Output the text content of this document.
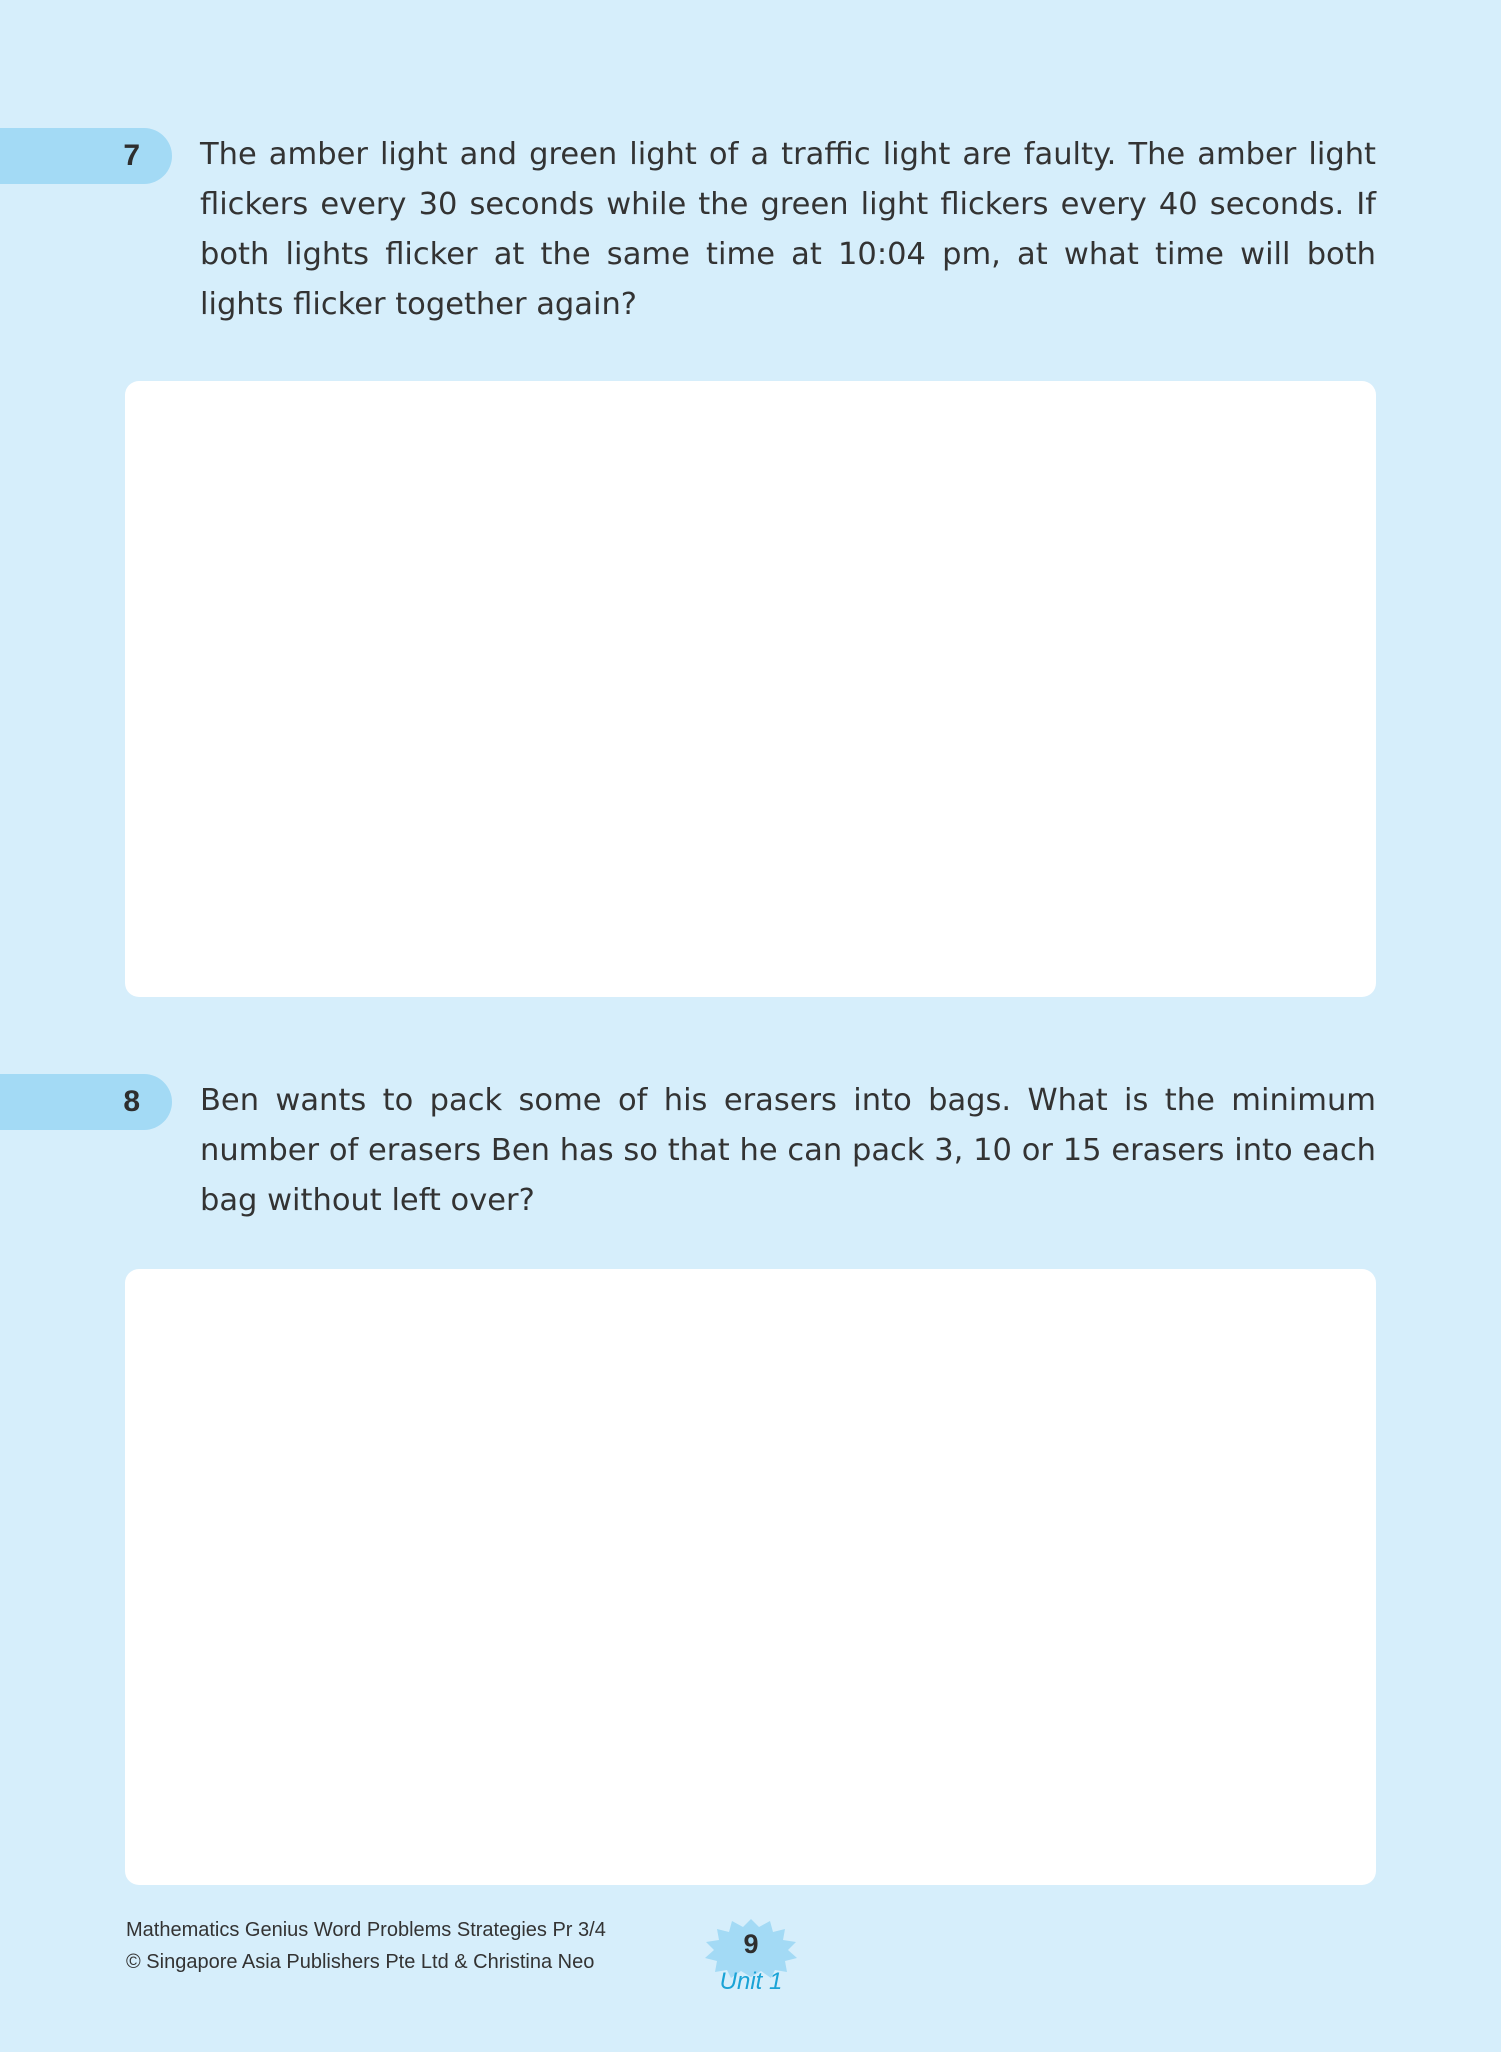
7 The amber light and green light of a traffic light are faulty. The amber light flickers every 30 seconds while the green light flickers every 40 seconds. If both lights flicker at the same time at 10:04 pm, at what time will both lights flicker together again?

8 Ben wants to pack some of his erasers into bags. What is the minimum number of erasers Ben has so that he can pack 3, 10 or 15 erasers into each bag without left over?

Mathematics Genius Word Problems Strategies Pr 3/4
© Singapore Asia Publishers Pte Ltd & Christina Neo
9
Unit 1
